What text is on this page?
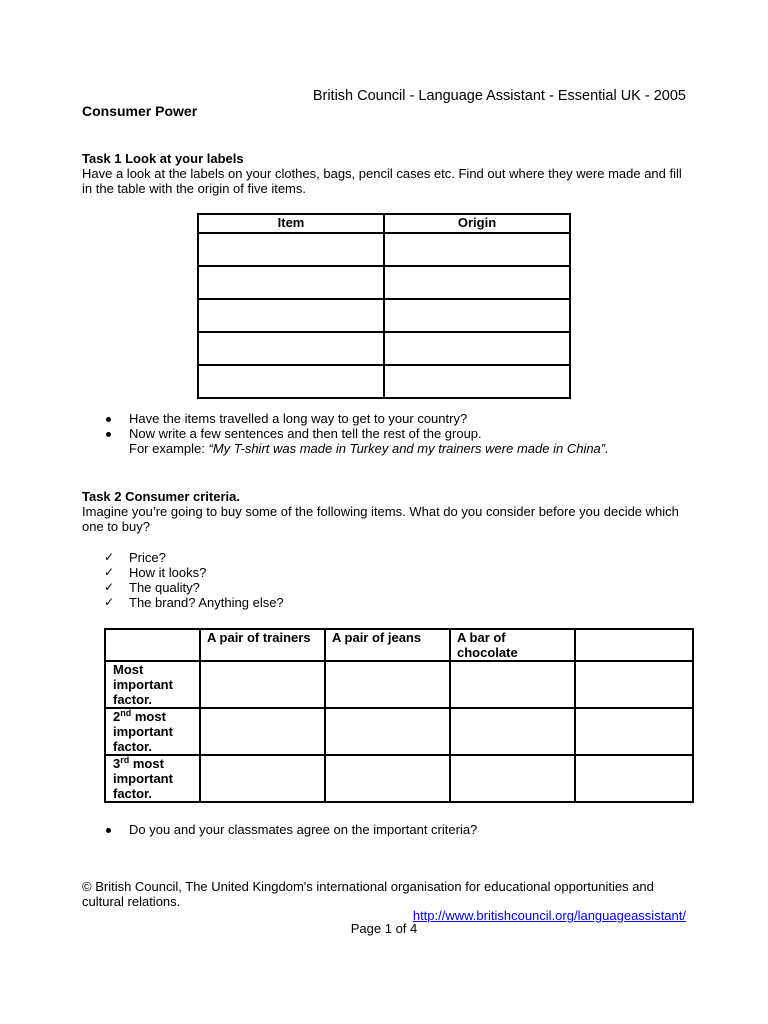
British Council - Language Assistant - Essential UK - 2005
Consumer Power
Task 1 Look at your labels

Have a look at the labels on your clothes, bags, pencil cases etc. Find out where they were made and fill in the table with the origin of five items.

Item	Origin

Have the items travelled a long way to get to your country?
Now write a few sentences and then tell the rest of the group.
For example: “My T-shirt was made in Turkey and my trainers were made in China”.
Task 2 Consumer criteria.

Imagine you’re going to buy some of the following items. What do you consider before you decide which one to buy?

✓ Price?
✓ How it looks?
✓ The quality?
✓ The brand? Anything else?
	A pair of trainers	A pair of jeans	A bar of chocolate	
Most important factor.				
2nd most important factor.				
3rd most important factor.				
Do you and your classmates agree on the important criteria?
© British Council, The United Kingdom's international organisation for educational opportunities and cultural relations.
http://www.britishcouncil.org/languageassistant/
Page 1 of 4
